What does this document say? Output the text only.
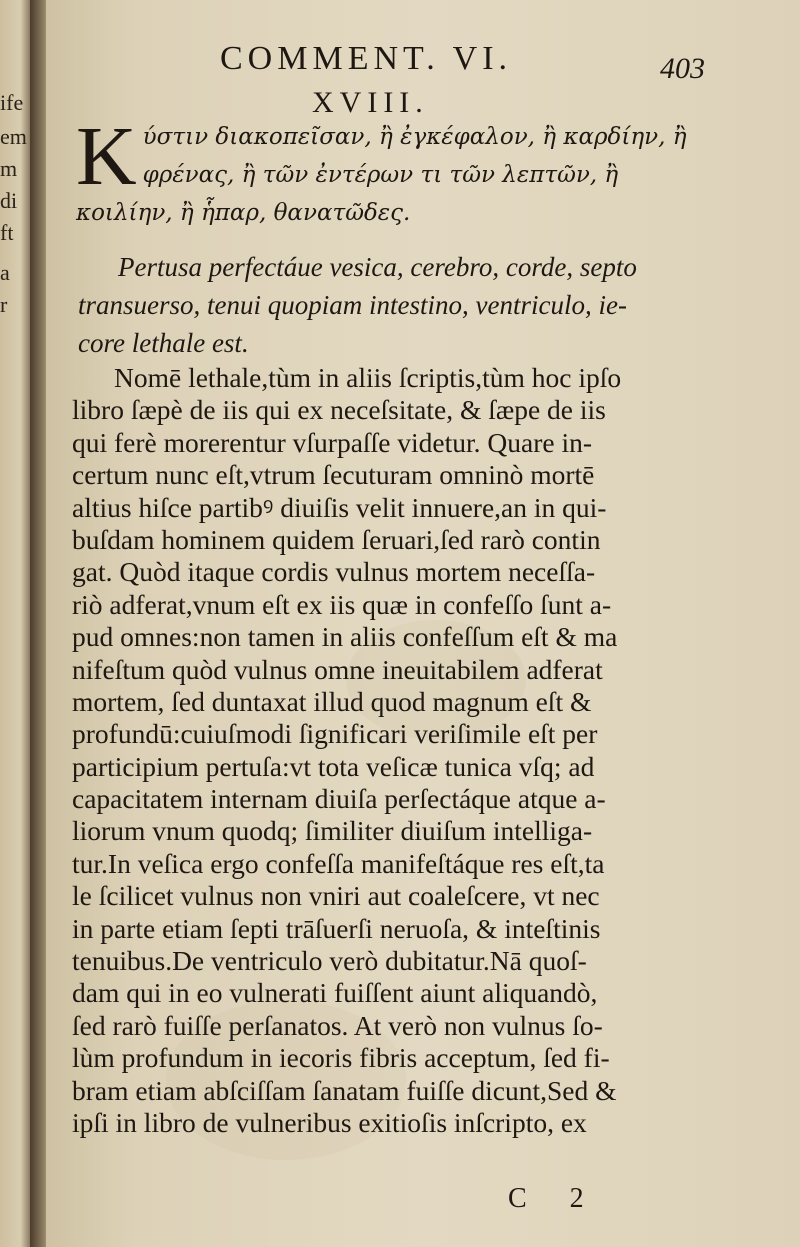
ife
em
m
di
ft
a
r
COMMENT. VI.	403
XVIII.
K ύστιν διακοπεῖσαν, ἢ ἐγκέφαλον, ἢ καρδίην, ἢ φρένας, ἢ τῶν ἐντέρων τι τῶν λεπτῶν, ἢ κοιλίην, ἢ ἧπαρ, θανατῶδες.
Pertusa perfectáue vesica, cerebro, corde, septo
transuerso, tenui quopiam intestino, ventriculo, ie-
core lethale est.
Nomē lethale,tùm in aliis ſcriptis,tùm hoc ipſo
libro ſæpè de iis qui ex neceſsitate, & ſæpe de iis
qui ferè morerentur vſurpaſſe videtur. Quare in-
certum nunc eſt,vtrum ſecuturam omninò mortē
altius hiſce partibꝰ diuiſis velit innuere,an in qui-
buſdam hominem quidem ſeruari,ſed rarò contin
gat. Quòd itaque cordis vulnus mortem neceſſa-
riò adferat,vnum eſt ex iis quæ in confeſſo ſunt a-
pud omnes:non tamen in aliis confeſſum eſt & ma
nifeſtum quòd vulnus omne ineuitabilem adferat
mortem, ſed duntaxat illud quod magnum eſt &
profundū:cuiuſmodi ſignificari veriſimile eſt per
participium pertuſa:vt tota veſicæ tunica vſq; ad
capacitatem internam diuiſa perſectáque atque a-
liorum vnum quodq; ſimiliter diuiſum intelliga-
tur.In veſica ergo confeſſa manifeſtáque res eſt,ta
le ſcilicet vulnus non vniri aut coaleſcere, vt nec
in parte etiam ſepti trāſuerſi neruoſa, & inteſtinis
tenuibus.De ventriculo verò dubitatur.Nā quoſ-
dam qui in eo vulnerati fuiſſent aiunt aliquandò,
ſed rarò fuiſſe perſanatos. At verò non vulnus ſo-
lùm profundum in iecoris fibris acceptum, ſed fi-
bram etiam abſciſſam ſanatam fuiſſe dicunt,Sed &
ipſi in libro de vulneribus exitioſis inſcripto, ex
C 2
